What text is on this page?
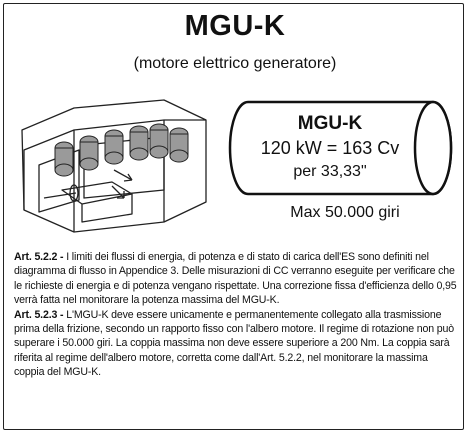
MGU-K
(motore elettrico generatore)
MGU-K
120 kW = 163 Cv
per 33,33"
Max 50.000 giri

Art. 5.2.2 - I limiti dei flussi di energia, di potenza e di stato di carica dell'ES sono definiti nel diagramma di flusso in Appendice 3. Delle misurazioni di CC verranno eseguite per verificare che le richieste di energia e di potenza vengano rispettate. Una correzione fissa d'efficienza dello 0,95 verrà fatta nel monitorare la potenza massima del MGU-K.

Art. 5.2.3 - L'MGU-K deve essere unicamente e permanentemente collegato alla trasmissione prima della frizione, secondo un rapporto fisso con l'albero motore. Il regime di rotazione non può superare i 50.000 giri. La coppia massima non deve essere superiore a 200 Nm. La coppia sarà riferita al regime dell'albero motore, corretta come dall'Art. 5.2.2, nel monitorare la massima coppia del MGU-K.
